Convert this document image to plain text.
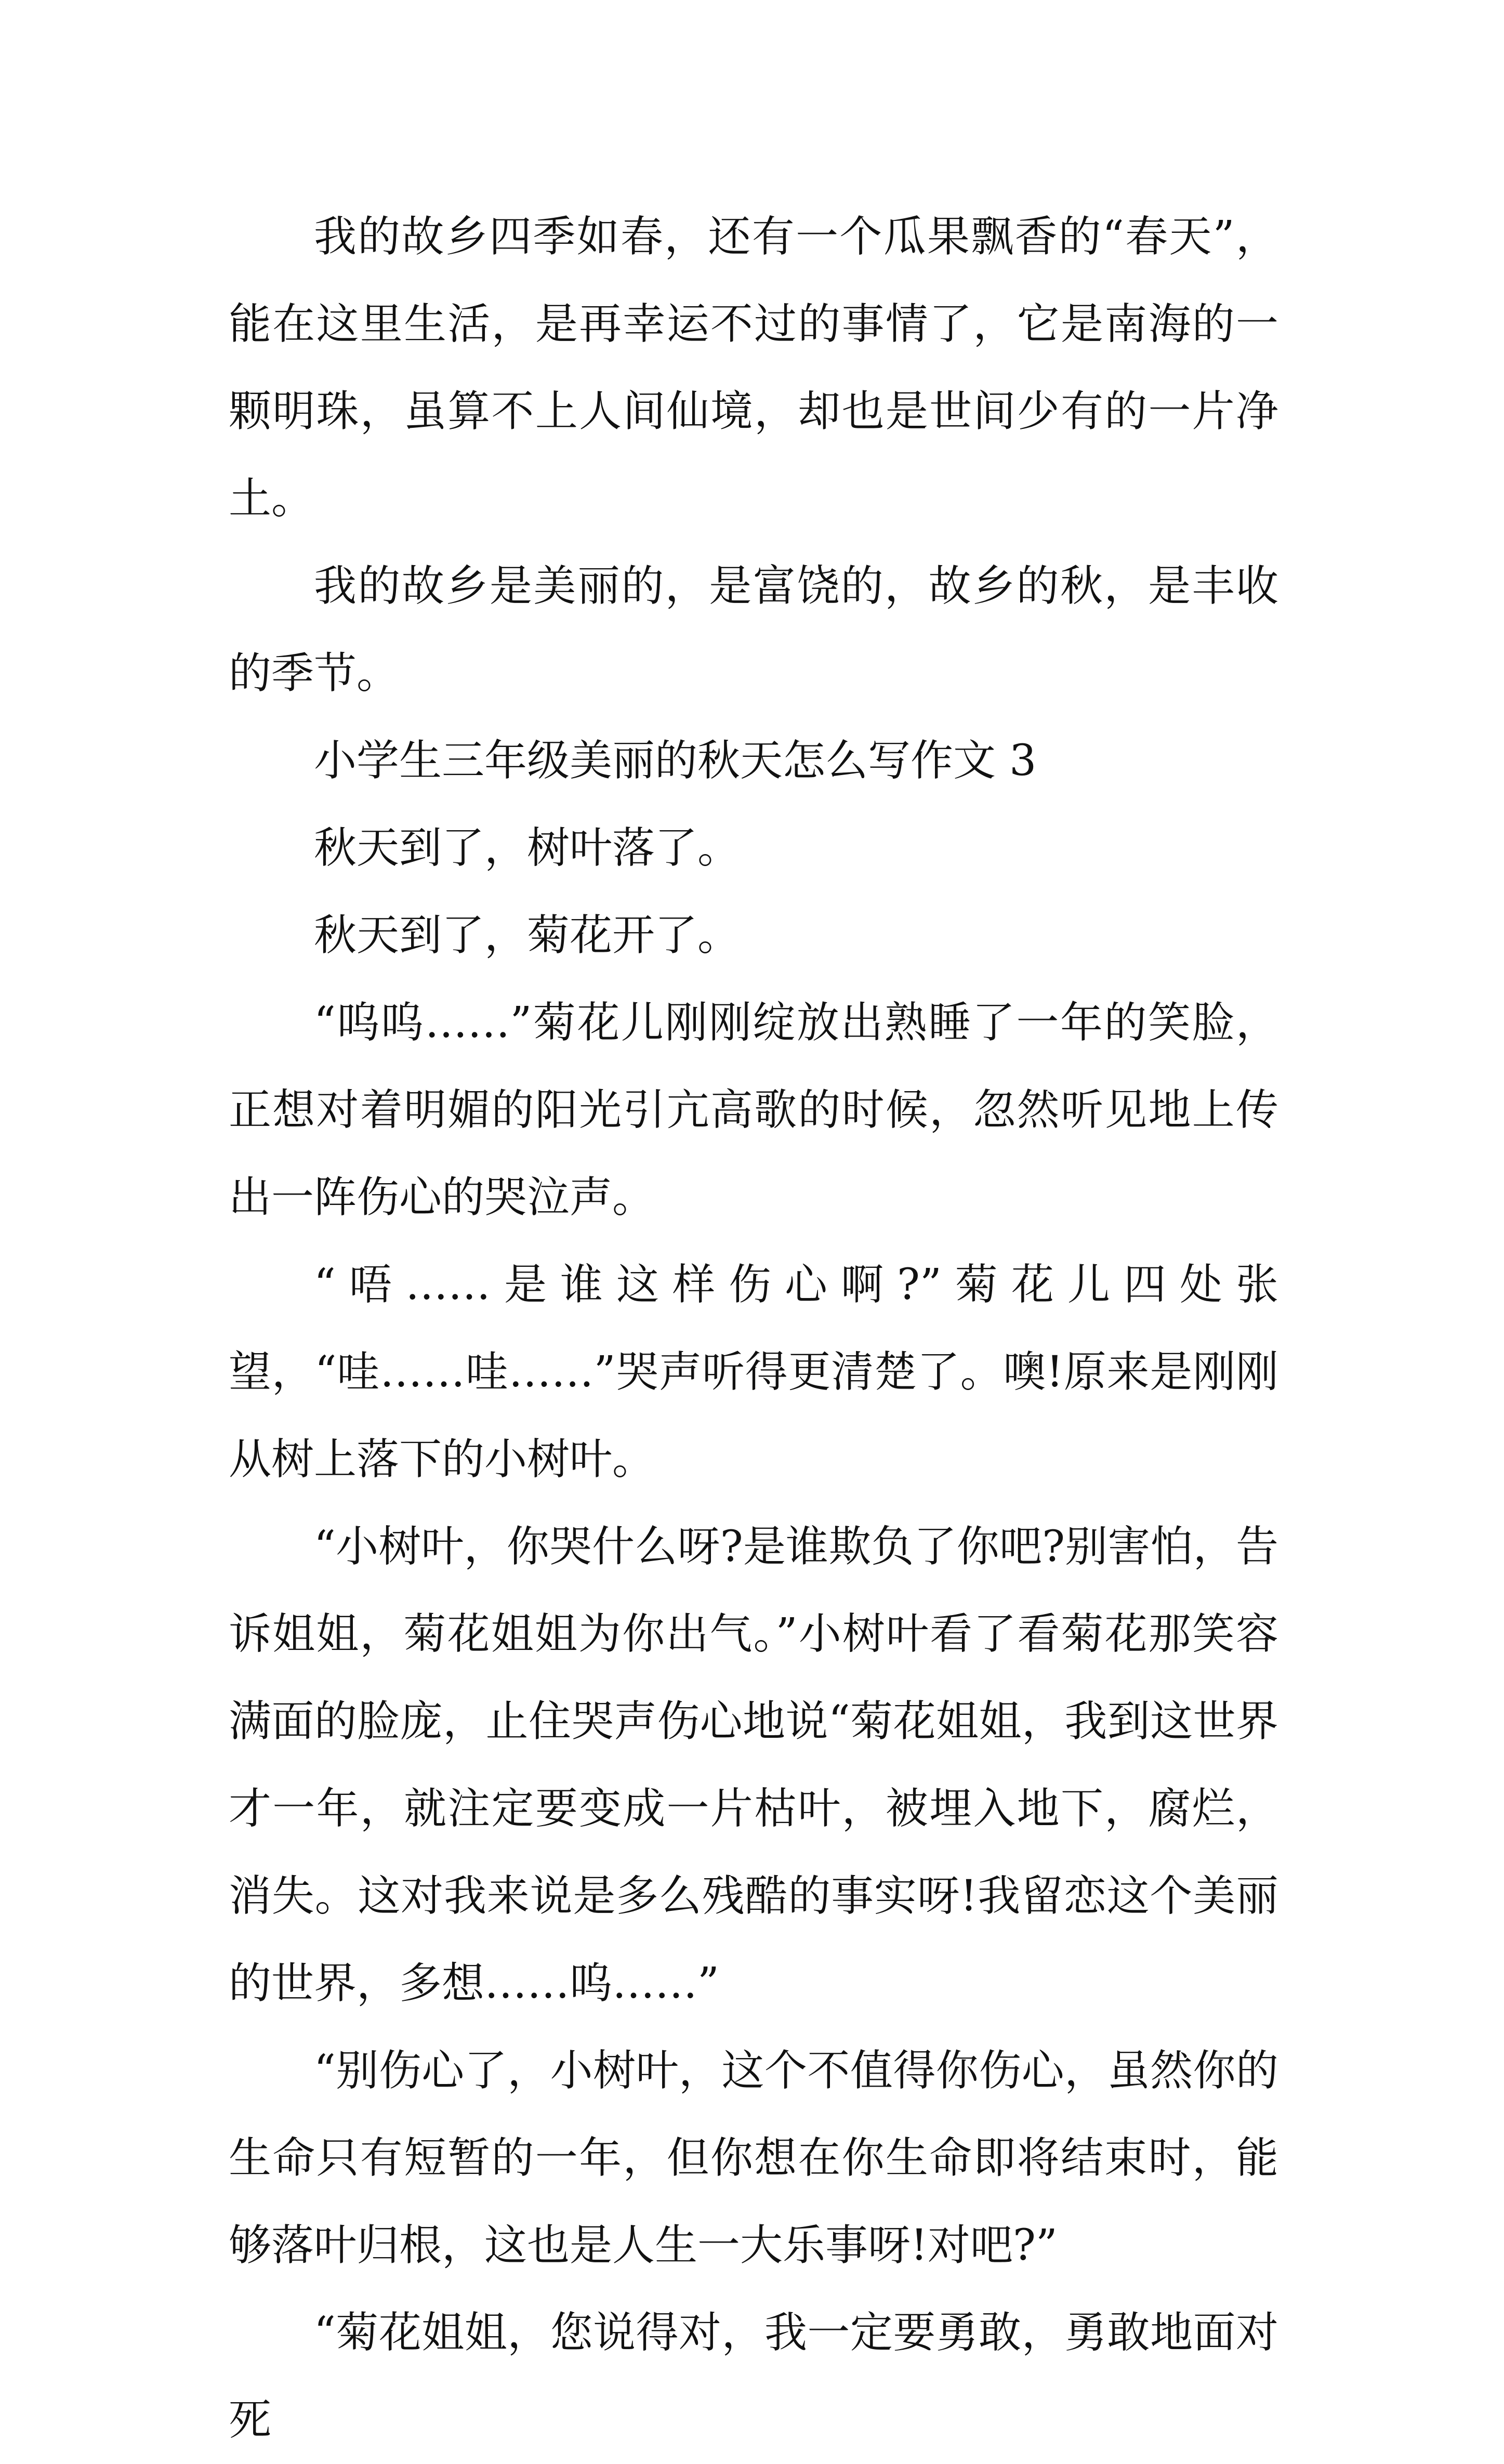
我的故乡四季如春，还有一个瓜果飘香的“春天”，能在这里生活，是再幸运不过的事情了，它是南海的一颗明珠，虽算不上人间仙境，却也是世间少有的一片净土。

我的故乡是美丽的，是富饶的，故乡的秋，是丰收的季节。

小学生三年级美丽的秋天怎么写作文 3

秋天到了，树叶落了。

秋天到了，菊花开了。

“呜呜……”菊花儿刚刚绽放出熟睡了一年的笑脸，正想对着明媚的阳光引亢高歌的时候，忽然听见地上传出一阵伤心的哭泣声。

“唔……是谁这样伤心啊?”菊花儿四处张望，“哇……哇……”哭声听得更清楚了。噢!原来是刚刚从树上落下的小树叶。

“小树叶，你哭什么呀?是谁欺负了你吧?别害怕，告诉姐姐，菊花姐姐为你出气。”小树叶看了看菊花那笑容满面的脸庞，止住哭声伤心地说“菊花姐姐，我到这世界才一年，就注定要变成一片枯叶，被埋入地下，腐烂，消失。这对我来说是多么残酷的事实呀!我留恋这个美丽的世界，多想……呜……”

“别伤心了，小树叶，这个不值得你伤心，虽然你的生命只有短暂的一年，但你想在你生命即将结束时，能够落叶归根，这也是人生一大乐事呀!对吧?”

“菊花姐姐，您说得对，我一定要勇敢，勇敢地面对死
